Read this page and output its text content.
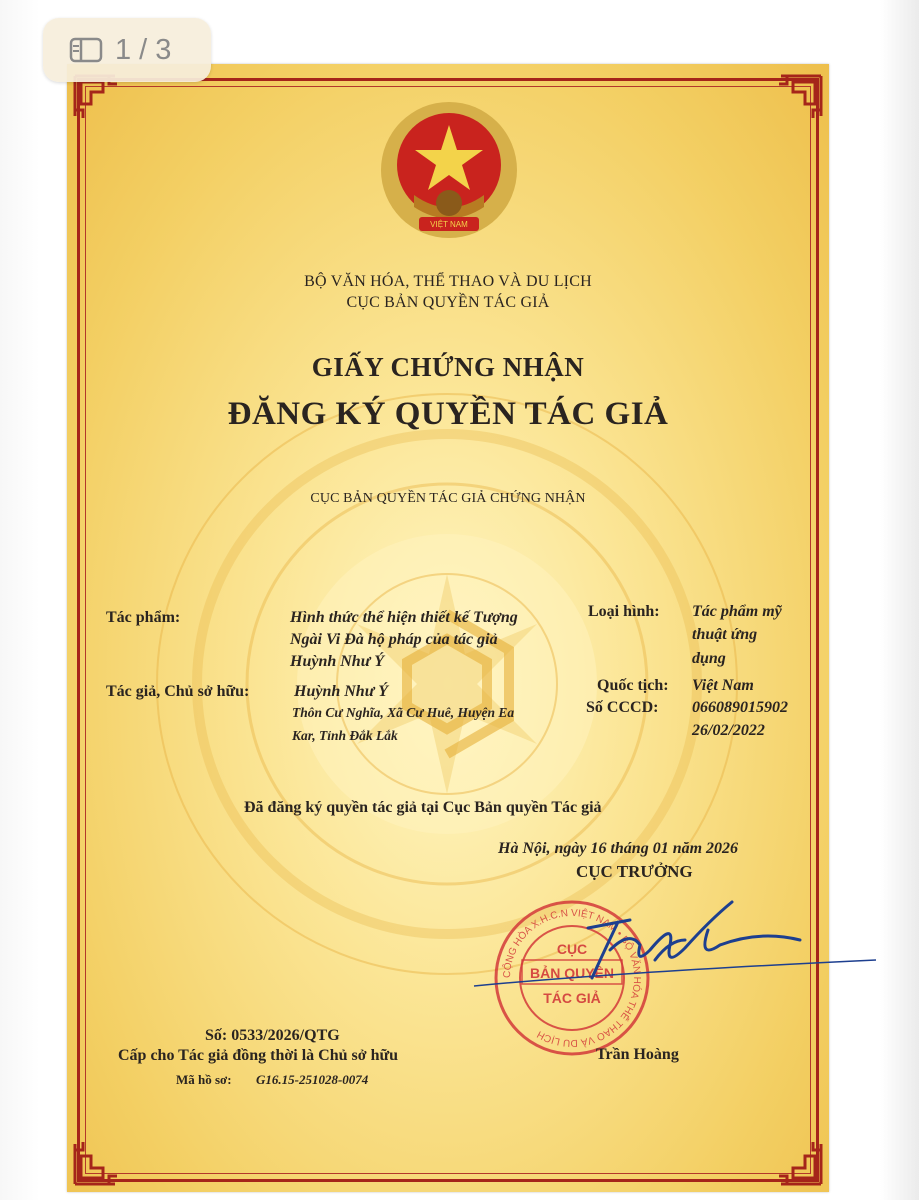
VIỆT NAM
1 / 3
BỘ VĂN HÓA, THỂ THAO VÀ DU LỊCH
CỤC BẢN QUYỀN TÁC GIẢ
GIẤY CHỨNG NHẬN
ĐĂNG KÝ QUYỀN TÁC GIẢ
CỤC BẢN QUYỀN TÁC GIẢ CHỨNG NHẬN
Tác phẩm:	Hình thức thể hiện thiết kế Tượng
Ngài Vi Đà hộ pháp của tác giả
Huỳnh Như Ý
Loại hình: Tác phẩm mỹ
thuật ứng
dụng
Tác giả, Chủ sở hữu:	Huỳnh Như Ý
Thôn Cư Nghĩa, Xã Cư Huê, Huyện Ea
Kar, Tỉnh Đắk Lắk
Quốc tịch: Việt Nam
Số CCCD: 066089015902
26/02/2022
Đã đăng ký quyền tác giả tại Cục Bản quyền Tác giả
Hà Nội, ngày 16 tháng 01 năm 2026
CỤC TRƯỞNG
CỘNG HÒA X.H.C.N VIỆT NAM • BỘ VĂN HÓA THỂ THAO VÀ DU LỊCH
CỤC
BẢN QUYỀN
TÁC GIẢ
Số: 0533/2026/QTG
Cấp cho Tác giả đồng thời là Chủ sở hữu
Mã hồ sơ: G16.15-251028-0074
Trần Hoàng
